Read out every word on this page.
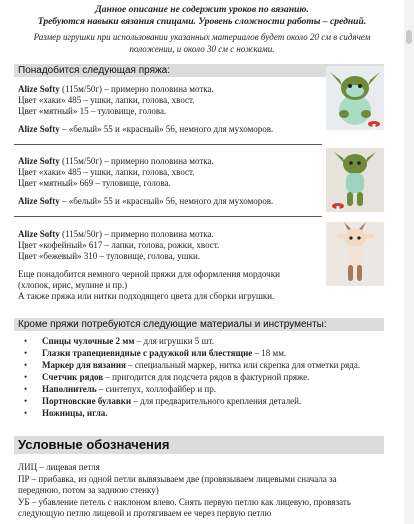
Данное описание не содержит уроков по вязанию.
Требуются навыки вязания спицами. Уровень сложности работы – средний.
Размер игрушки при использовании указанных материалов будет около 20 см в сидячем
положении, и около 30 см с ножками.
Понадобится следующая пряжа:
Alize Softy (115м/50г) – примерно половина мотка.
Цвет «хаки» 485 – ушки, лапки, голова, хвост.
Цвет «мятный» 15 – туловище, голова.
Alize Softy – «белый» 55 и «красный» 56, немного для мухоморов.
Alize Softy (115м/50г) – примерно половина мотка.
Цвет «хаки» 485 – ушки, лапки, голова, хвост.
Цвет «мятный» 669 – туловище, голова.
Alize Softy – «белый» 55 и «красный» 56, немного для мухоморов.
Alize Softy (115м/50г) – примерно половина мотка.
Цвет «кофейный» 617 – лапки, голова, рожки, хвост.
Цвет «бежевый» 310 – туловище, голова, ушки.
Еще понадобится немного черной пряжи для оформления мордочки
(хлопок, ирис, мулине и пр.)
А также пряжа или нитки подходящего цвета для сборки игрушки.
Кроме пряжи потребуются следующие материалы и инструменты:
• Спицы чулочные 2 мм – для игрушки 5 шт.
• Глазки трапециевидные с радужкой или блестящие – 18 мм.
• Маркер для вязания – специальный маркер, нитка или скрепка для отметки ряда.
• Счетчик рядов – пригодится для подсчета рядов в фактурной пряже.
• Наполнитель – синтепух, холлофайбер и пр.
• Портновские булавки – для предварительного крепления деталей.
• Ножницы, игла.
Условные обозначения
ЛИЦ – лицевая петля
ПР – прибавка, из одной петли вывязываем две (провязываем лицевыми сначала за
переднюю, потом за заднюю стенку)
УБ – убавление петель с наклоном влево. Снять первую петлю как лицевую, провязать
следующую петлю лицевой и протягиваем ее через первую петлю
